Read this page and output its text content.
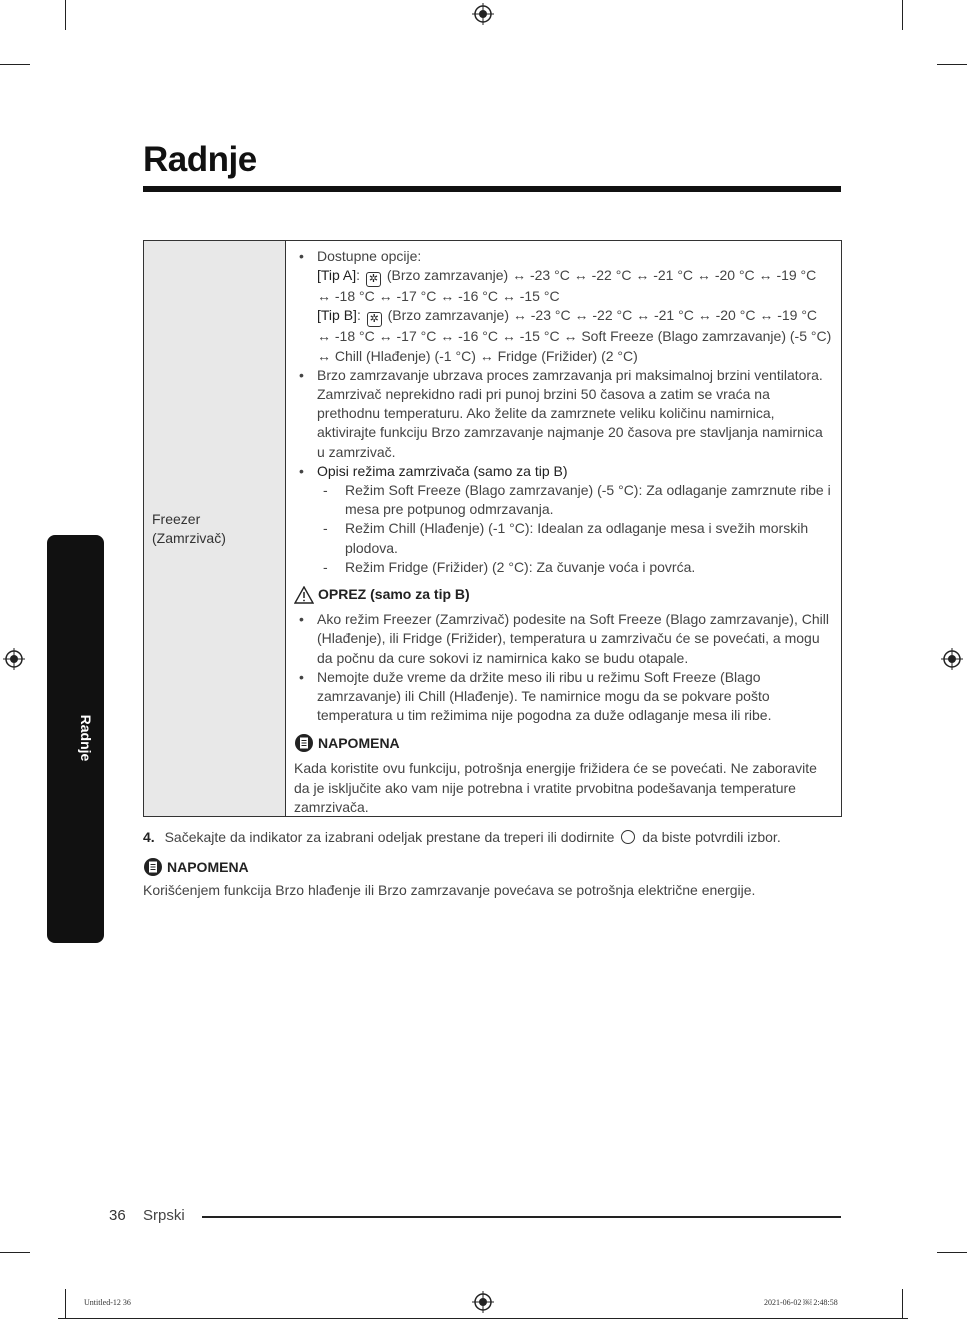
Radnje
Radnje
Freezer
(Zamrzivač)
• Dostupne opcije:
[Tip A]: ✲ (Brzo zamrzavanje) ↔ -23 °C ↔ -22 °C ↔ -21 °C ↔ -20 °C ↔ -19 °C ↔ -18 °C ↔ -17 °C ↔ -16 °C ↔ -15 °C
[Tip B]: ✲ (Brzo zamrzavanje) ↔ -23 °C ↔ -22 °C ↔ -21 °C ↔ -20 °C ↔ -19 °C ↔ -18 °C ↔ -17 °C ↔ -16 °C ↔ -15 °C ↔ Soft Freeze (Blago zamrzavanje) (-5 °C) ↔ Chill (Hlađenje) (-1 °C) ↔ Fridge (Frižider) (2 °C)
• Brzo zamrzavanje ubrzava proces zamrzavanja pri maksimalnoj brzini ventilatora. Zamrzivač neprekidno radi pri punoj brzini 50 časova a zatim se vraća na prethodnu temperaturu. Ako želite da zamrznete veliku količinu namirnica, aktivirajte funkciju Brzo zamrzavanje najmanje 20 časova pre stavljanja namirnica u zamrzivač.
• Opisi režima zamrzivača (samo za tip B)
- Režim Soft Freeze (Blago zamrzavanje) (-5 °C): Za odlaganje zamrznute ribe i mesa pre potpunog odmrzavanja.
- Režim Chill (Hlađenje) (-1 °C): Idealan za odlaganje mesa i svežih morskih plodova.
- Režim Fridge (Frižider) (2 °C): Za čuvanje voća i povrća.
OPREZ (samo za tip B)
• Ako režim Freezer (Zamrzivač) podesite na Soft Freeze (Blago zamrzavanje), Chill (Hlađenje), ili Fridge (Frižider), temperatura u zamrzivaču će se povećati, a mogu da počnu da cure sokovi iz namirnica kako se budu otapale.
• Nemojte duže vreme da držite meso ili ribu u režimu Soft Freeze (Blago zamrzavanje) ili Chill (Hlađenje). Te namirnice mogu da se pokvare pošto temperatura u tim režimima nije pogodna za duže odlaganje mesa ili ribe.
NAPOMENA
Kada koristite ovu funkciju, potrošnja energije frižidera će se povećati. Ne zaboravite da je isključite ako vam nije potrebna i vratite prvobitna podešavanja temperature zamrzivača.
4. Sačekajte da indikator za izabrani odeljak prestane da treperi ili dodirnite da biste potvrdili izbor.
NAPOMENA
Korišćenjem funkcija Brzo hlađenje ili Brzo zamrzavanje povećava se potrošnja električne energije.
36 Srpski
Untitled-12 36	2021-06-02 ￼ 2:48:58
